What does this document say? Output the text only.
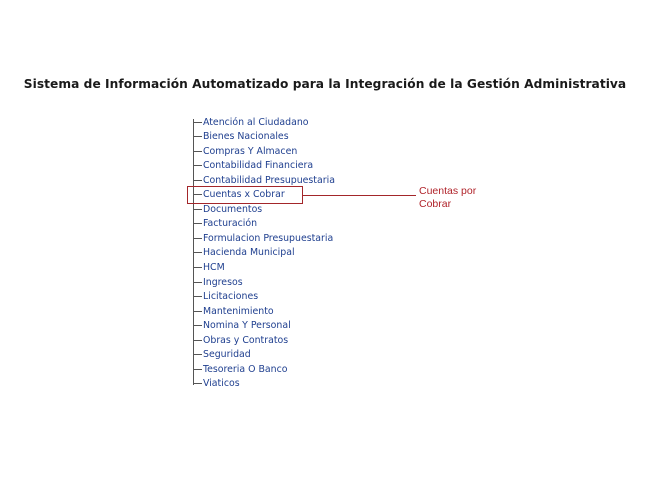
Sistema de Información Automatizado para la Integración de la Gestión Administrativa
Atención al Ciudadano
Bienes Nacionales
Compras Y Almacen
Contabilidad Financiera
Contabilidad Presupuestaria
Cuentas x Cobrar
Documentos
Facturación
Formulacion Presupuestaria
Hacienda Municipal
HCM
Ingresos
Licitaciones
Mantenimiento
Nomina Y Personal
Obras y Contratos
Seguridad
Tesoreria O Banco
Viaticos
Cuentas por Cobrar
